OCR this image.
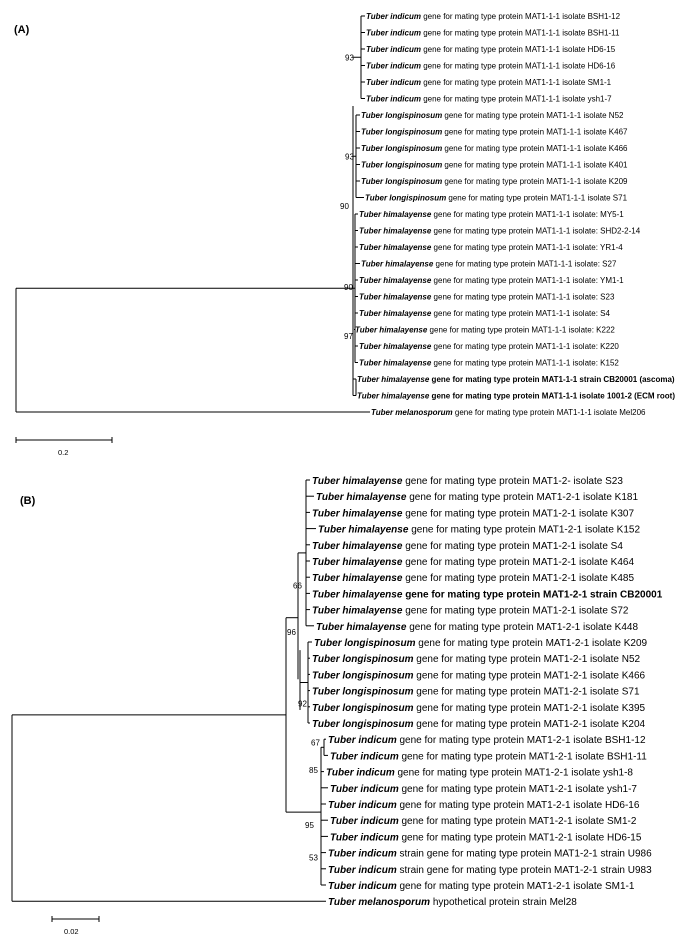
(A)
(B)
Tuber indicum gene for mating type protein MAT1-1-1 isolate BSH1-12
Tuber indicum gene for mating type protein MAT1-1-1 isolate BSH1-11
Tuber indicum gene for mating type protein MAT1-1-1 isolate HD6-15
Tuber indicum gene for mating type protein MAT1-1-1 isolate HD6-16
Tuber indicum gene for mating type protein MAT1-1-1 isolate SM1-1
Tuber indicum gene for mating type protein MAT1-1-1 isolate ysh1-7
Tuber longispinosum gene for mating type protein MAT1-1-1 isolate N52
Tuber longispinosum gene for mating type protein MAT1-1-1 isolate K467
Tuber longispinosum gene for mating type protein MAT1-1-1 isolate K466
Tuber longispinosum gene for mating type protein MAT1-1-1 isolate K401
Tuber longispinosum gene for mating type protein MAT1-1-1 isolate K209
Tuber longispinosum gene for mating type protein MAT1-1-1 isolate S71
Tuber himalayense gene for mating type protein MAT1-1-1 isolate: MY5-1
Tuber himalayense gene for mating type protein MAT1-1-1 isolate: SHD2-2-14
Tuber himalayense gene for mating type protein MAT1-1-1 isolate: YR1-4
Tuber himalayense gene for mating type protein MAT1-1-1 isolate: S27
Tuber himalayense gene for mating type protein MAT1-1-1 isolate: YM1-1
Tuber himalayense gene for mating type protein MAT1-1-1 isolate: S23
Tuber himalayense gene for mating type protein MAT1-1-1 isolate: S4
Tuber himalayense gene for mating type protein MAT1-1-1 isolate: K222
Tuber himalayense gene for mating type protein MAT1-1-1 isolate: K220
Tuber himalayense gene for mating type protein MAT1-1-1 isolate: K152
Tuber himalayense gene for mating type protein MAT1-1-1 strain CB20001 (ascoma)
Tuber himalayense gene for mating type protein MAT1-1-1 isolate 1001-2 (ECM root)
Tuber melanosporum gene for mating type protein MAT1-1-1 isolate Mel206
93
93
90
90
97
0.2
Tuber himalayense gene for mating type protein MAT1-2- isolate S23
Tuber himalayense gene for mating type protein MAT1-2-1 isolate K181
Tuber himalayense gene for mating type protein MAT1-2-1 isolate K307
Tuber himalayense gene for mating type protein MAT1-2-1 isolate K152
Tuber himalayense gene for mating type protein MAT1-2-1 isolate S4
Tuber himalayense gene for mating type protein MAT1-2-1 isolate K464
Tuber himalayense gene for mating type protein MAT1-2-1 isolate K485
Tuber himalayense gene for mating type protein MAT1-2-1 strain CB20001
Tuber himalayense gene for mating type protein MAT1-2-1 isolate S72
Tuber himalayense gene for mating type protein MAT1-2-1 isolate K448
Tuber longispinosum gene for mating type protein MAT1-2-1 isolate K209
Tuber longispinosum gene for mating type protein MAT1-2-1 isolate N52
Tuber longispinosum gene for mating type protein MAT1-2-1 isolate K466
Tuber longispinosum gene for mating type protein MAT1-2-1 isolate S71
Tuber longispinosum gene for mating type protein MAT1-2-1 isolate K395
Tuber longispinosum gene for mating type protein MAT1-2-1 isolate K204
Tuber indicum gene for mating type protein MAT1-2-1 isolate BSH1-12
Tuber indicum gene for mating type protein MAT1-2-1 isolate BSH1-11
Tuber indicum gene for mating type protein MAT1-2-1 isolate ysh1-8
Tuber indicum gene for mating type protein MAT1-2-1 isolate ysh1-7
Tuber indicum gene for mating type protein MAT1-2-1 isolate HD6-16
Tuber indicum gene for mating type protein MAT1-2-1 isolate SM1-2
Tuber indicum gene for mating type protein MAT1-2-1 isolate HD6-15
Tuber indicum strain gene for mating type protein MAT1-2-1 strain U986
Tuber indicum strain gene for mating type protein MAT1-2-1 strain U983
Tuber indicum gene for mating type protein MAT1-2-1 isolate SM1-1
Tuber melanosporum hypothetical protein strain Mel28
66
96
92
67
85
95
53
0.02
